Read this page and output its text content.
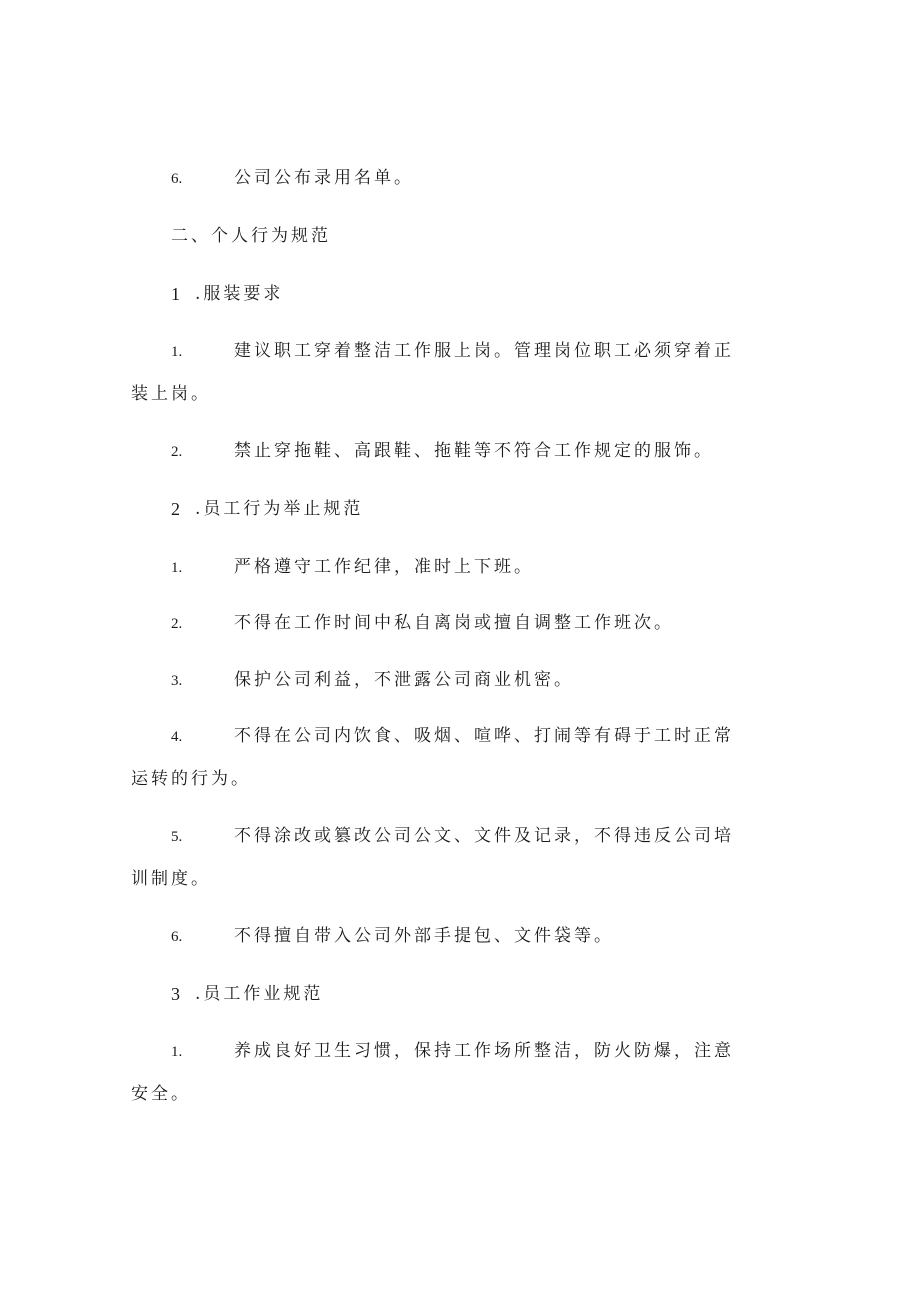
6.	公司公布录用名单。
二、个人行为规范
1 .服装要求
1.	建议职工穿着整洁工作服上岗。管理岗位职工必须穿着正
装上岗。
2.	禁止穿拖鞋、高跟鞋、拖鞋等不符合工作规定的服饰。
2 .员工行为举止规范
1.	严格遵守工作纪律，准时上下班。
2.	不得在工作时间中私自离岗或擅自调整工作班次。
3.	保护公司利益，不泄露公司商业机密。
4.	不得在公司内饮食、吸烟、喧哗、打闹等有碍于工时正常
运转的行为。
5.	不得涂改或篡改公司公文、文件及记录，不得违反公司培
训制度。
6.	不得擅自带入公司外部手提包、文件袋等。
3 .员工作业规范
1.	养成良好卫生习惯，保持工作场所整洁，防火防爆，注意
安全。
